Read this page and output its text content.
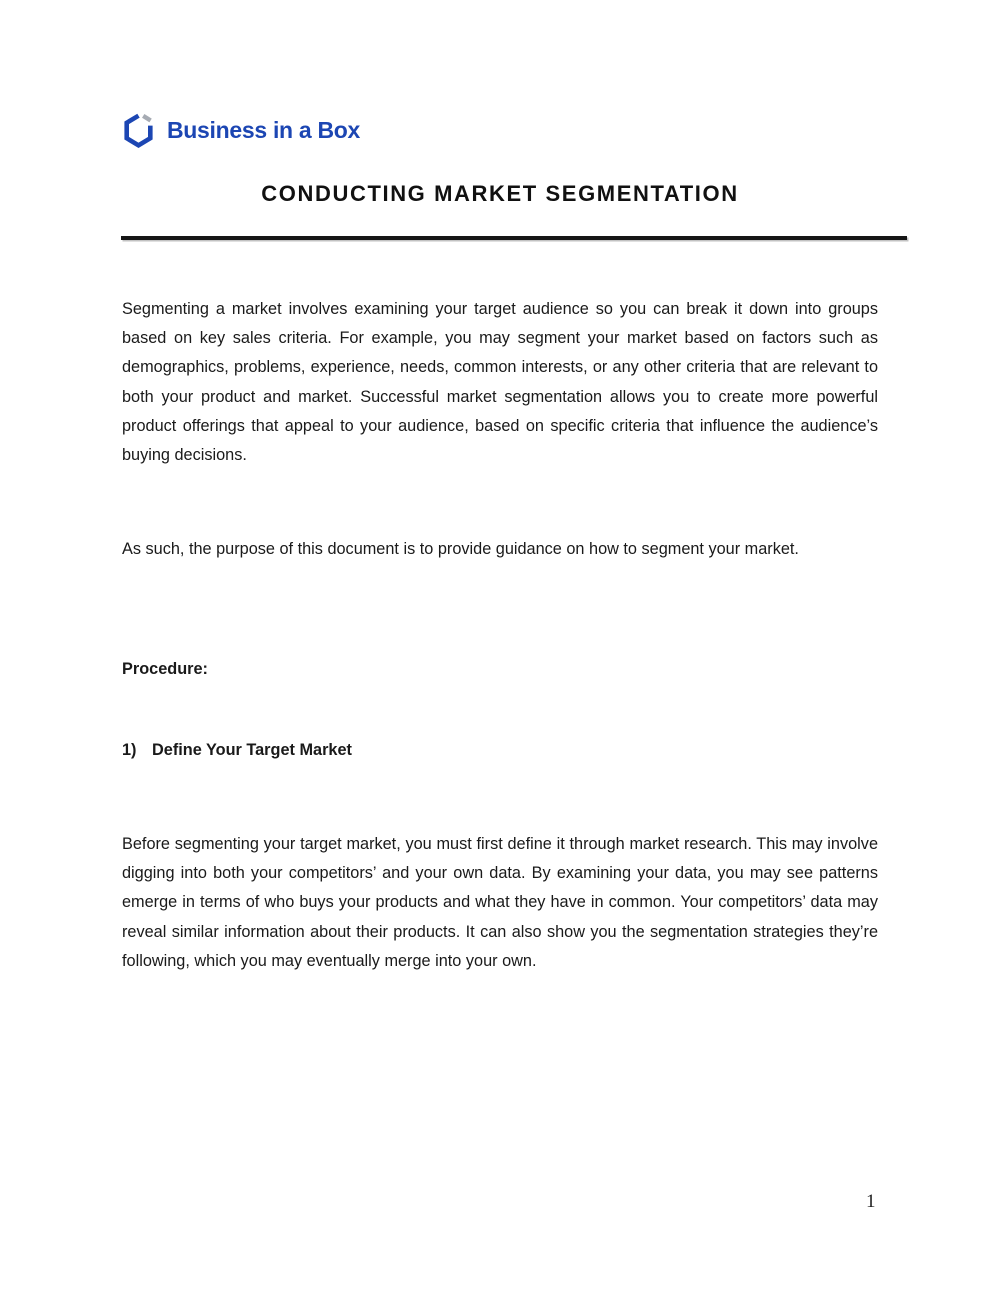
Business in a Box
CONDUCTING MARKET SEGMENTATION

Segmenting a market involves examining your target audience so you can break it down into groups based on key sales criteria. For example, you may segment your market based on factors such as demographics, problems, experience, needs, common interests, or any other criteria that are relevant to both your product and market. Successful market segmentation allows you to create more powerful product offerings that appeal to your audience, based on specific criteria that influence the audience’s buying decisions.

As such, the purpose of this document is to provide guidance on how to segment your market.

Procedure:

1) Define Your Target Market

Before segmenting your target market, you must first define it through market research. This may involve digging into both your competitors’ and your own data. By examining your data, you may see patterns emerge in terms of who buys your products and what they have in common. Your competitors’ data may reveal similar information about their products. It can also show you the segmentation strategies they’re following, which you may eventually merge into your own.

1
